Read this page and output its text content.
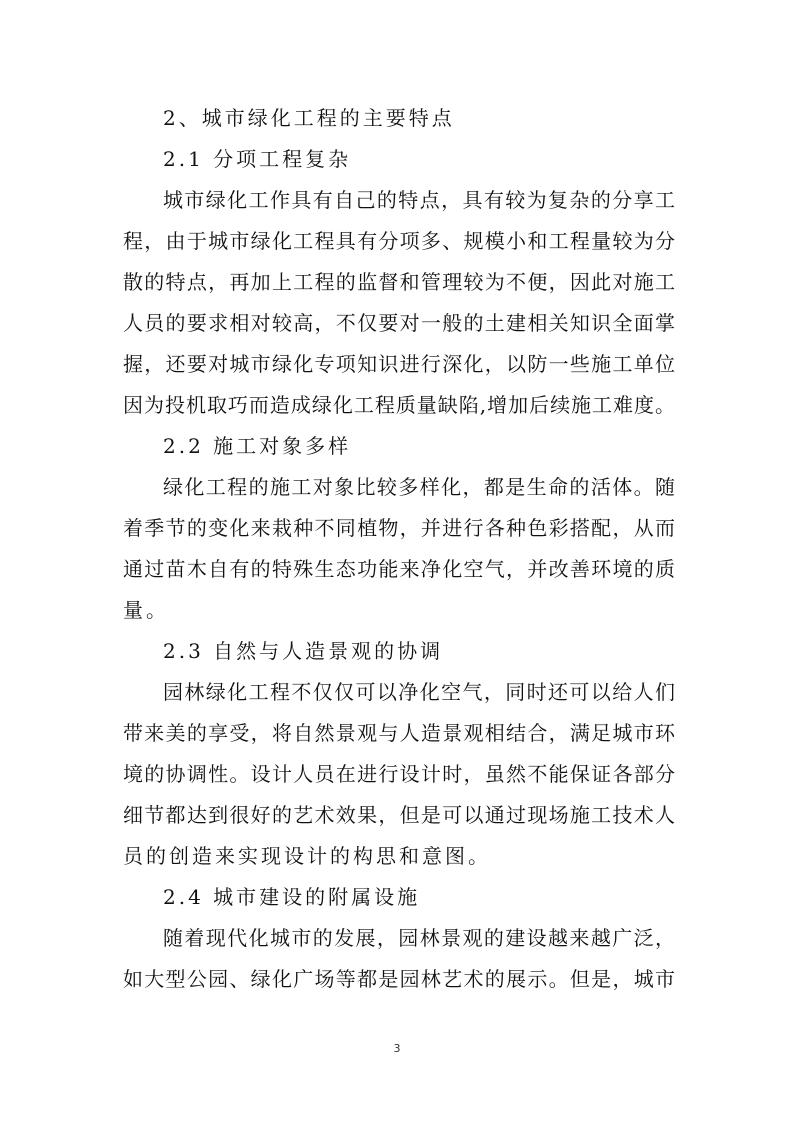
2、城市绿化工程的主要特点
2.1 分项工程复杂
城市绿化工作具有自己的特点，具有较为复杂的分享工
程，由于城市绿化工程具有分项多、规模小和工程量较为分
散的特点，再加上工程的监督和管理较为不便，因此对施工
人员的要求相对较高，不仅要对一般的土建相关知识全面掌
握，还要对城市绿化专项知识进行深化，以防一些施工单位
因为投机取巧而造成绿化工程质量缺陷,增加后续施工难度。
2.2 施工对象多样
绿化工程的施工对象比较多样化，都是生命的活体。随
着季节的变化来栽种不同植物，并进行各种色彩搭配，从而
通过苗木自有的特殊生态功能来净化空气，并改善环境的质
量。
2.3 自然与人造景观的协调
园林绿化工程不仅仅可以净化空气，同时还可以给人们
带来美的享受，将自然景观与人造景观相结合，满足城市环
境的协调性。设计人员在进行设计时，虽然不能保证各部分
细节都达到很好的艺术效果，但是可以通过现场施工技术人
员的创造来实现设计的构思和意图。
2.4 城市建设的附属设施
随着现代化城市的发展，园林景观的建设越来越广泛，
如大型公园、绿化广场等都是园林艺术的展示。但是，城市
3
